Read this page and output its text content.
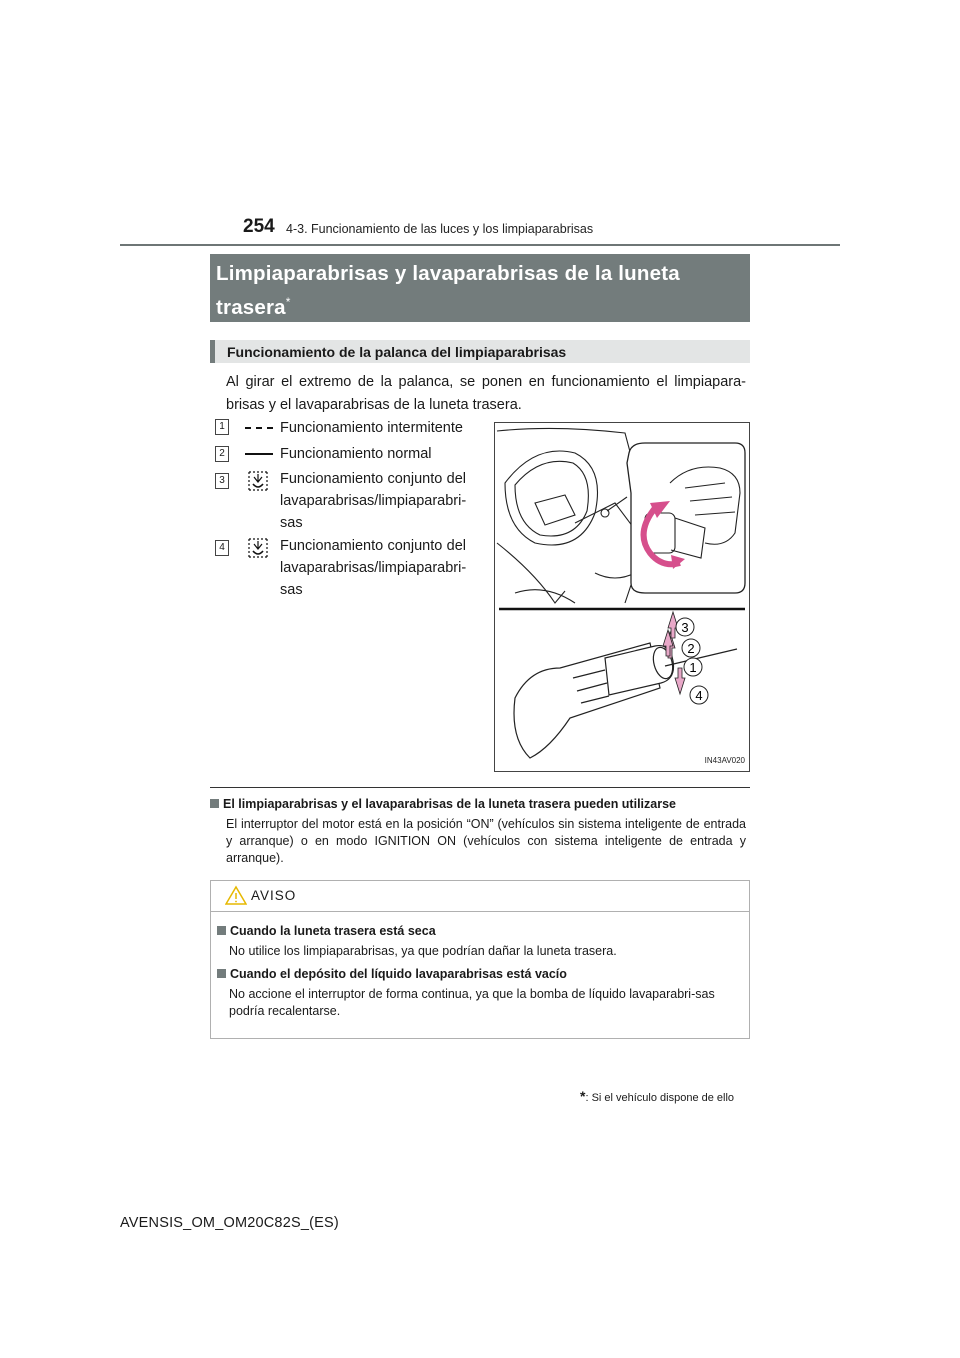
254 4-3. Funcionamiento de las luces y los limpiaparabrisas
Limpiaparabrisas y lavaparabrisas de la luneta trasera*
Funcionamiento de la palanca del limpiaparabrisas
Al girar el extremo de la palanca, se ponen en funcionamiento el limpiapara-brisas y el lavaparabrisas de la luneta trasera.
1	Funcionamiento intermitente
2	Funcionamiento normal
3	Funcionamiento conjunto del lavaparabrisas/limpiaparabri-sas
4	Funcionamiento conjunto del lavaparabrisas/limpiaparabri-sas
3
2
1
4
IN43AV020
El limpiaparabrisas y el lavaparabrisas de la luneta trasera pueden utilizarse
El interruptor del motor está en la posición “ON” (vehículos sin sistema inteligente de entrada y arranque) o en modo IGNITION ON (vehículos con sistema inteligente de entrada y arranque).
AVISO
Cuando la luneta trasera está seca
No utilice los limpiaparabrisas, ya que podrían dañar la luneta trasera.
Cuando el depósito del líquido lavaparabrisas está vacío
No accione el interruptor de forma continua, ya que la bomba de líquido lavaparabri-sas podría recalentarse.
*: Si el vehículo dispone de ello
AVENSIS_OM_OM20C82S_(ES)
